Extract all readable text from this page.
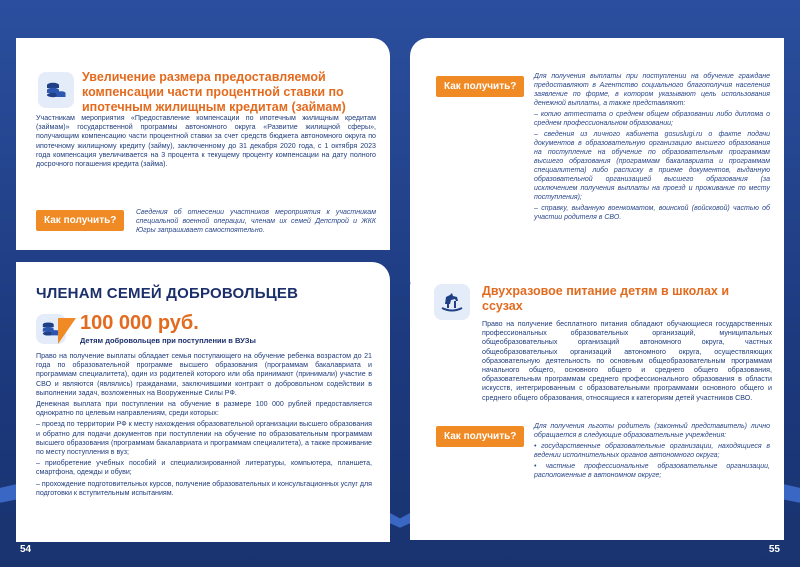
Увеличение размера предоставляемой компенсации части процентной ставки по ипотечным жилищным кредитам (займам)
Участникам мероприятия «Предоставление компенсации по ипотечным жилищным кредитам (займам)» государственной программы автономного округа «Развитие жилищной сферы», получающим компенсацию части процентной ставки за счет средств бюджета автономного округа по ипотечному жилищному кредиту (займу), заключенному до 31 декабря 2020 года, с 1 октября 2023 года компенсация увеличивается на 3 процента к текущему проценту компенсации на дату полного досрочного погашения кредита (займа).
Как получить?
Сведения об отнесении участников мероприятия к участникам специальной военной операции, членам их семей Депстрой и ЖКК Югры запрашивает самостоятельно.
ЧЛЕНАМ СЕМЕЙ ДОБРОВОЛЬЦЕВ
100 000 руб.
Детям добровольцев при поступлении в ВУЗы

Право на получение выплаты обладает семья поступающего на обучение ребенка возрастом до 21 года по образовательной программе высшего образования (программам бакалавриата и программам специалитета), один из родителей которого или оба принимают (принимали) участие в СВО и являются (являлись) гражданами, заключившими контракт о добровольном содействии в выполнении задач, возложенных на Вооруженные Силы РФ.

Денежная выплата при поступлении на обучение в размере 100 000 рублей предоставляется однократно по целевым направлениям, среди которых:

– проезд по территории РФ к месту нахождения образовательной организации высшего образования и обратно для подачи документов при поступлении на обучение по образовательным программам высшего образования (программам бакалавриата и программам специалитета), а также проживание по месту поступления в вуз;

– приобретение учебных пособий и специализированной литературы, компьютера, планшета, смартфона, одежды и обуви;

– прохождение подготовительных курсов, получение образовательных и консультационных услуг для подготовки к вступительным испытаниям.

54
Как получить?

Для получения выплаты при поступлении на обучение граждане предоставляют в Агентство социального благополучия населения заявление по форме, в котором указывают цель использования денежной выплаты, а также представляют:

– копию аттестата о среднем общем образовании либо диплома о среднем профессиональном образовании;

– сведения из личного кабинета gosuslugi.ru о факте подачи документов в образовательную организацию высшего образования на поступление на обучение по образовательным программам высшего образования (программам бакалавриата и программам специалитета) либо расписку в приеме документов, выданную образовательной организацией высшего образования (за исключением получения выплаты на проезд и проживание по месту поступления);

– справку, выданную военкоматом, воинской (войсковой) частью об участии родителя в СВО.

Двухразовое питание детям в школах и ссузах
Право на получение бесплатного питания обладают обучающиеся государственных профессиональных образовательных организаций, муниципальных общеобразовательных организаций автономного округа, частных общеобразовательных организаций автономного округа, осуществляющих образовательную деятельность по основным общеобразовательным программам начального общего, основного общего и среднего общего образования, образовательным программам среднего профессионального образования в области искусств, интегрированным с образовательными программами основного общего и среднего общего образования, относящиеся к категориям детей участников СВО.
Как получить?

Для получения льготы родитель (законный представитель) лично обращается в следующие образовательные учреждения:

• государственные образовательные организации, находящиеся в ведении исполнительных органов автономного округа;

• частные профессиональные образовательные организации, расположенные в автономном округе;

55
